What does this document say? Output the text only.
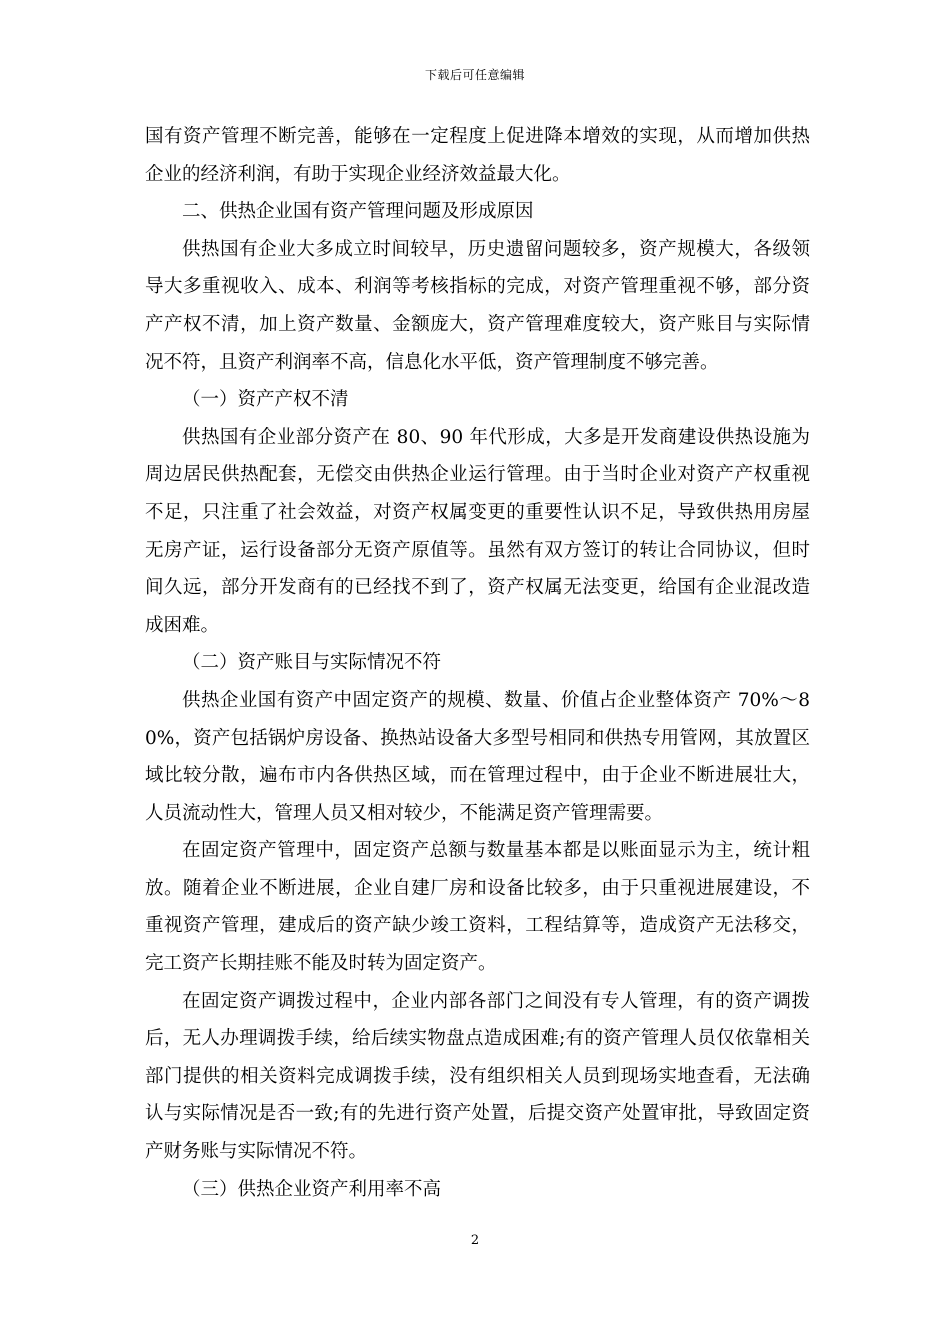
下载后可任意编辑

国有资产管理不断完善，能够在一定程度上促进降本增效的实现，从而增加供热企业的经济利润，有助于实现企业经济效益最大化。

二、供热企业国有资产管理问题及形成原因

供热国有企业大多成立时间较早，历史遗留问题较多，资产规模大，各级领导大多重视收入、成本、利润等考核指标的完成，对资产管理重视不够，部分资产产权不清，加上资产数量、金额庞大，资产管理难度较大，资产账目与实际情况不符，且资产利润率不高，信息化水平低，资产管理制度不够完善。

（一）资产产权不清

供热国有企业部分资产在 80、90 年代形成，大多是开发商建设供热设施为周边居民供热配套，无偿交由供热企业运行管理。由于当时企业对资产产权重视不足，只注重了社会效益，对资产权属变更的重要性认识不足，导致供热用房屋无房产证，运行设备部分无资产原值等。虽然有双方签订的转让合同协议，但时间久远，部分开发商有的已经找不到了，资产权属无法变更，给国有企业混改造成困难。

（二）资产账目与实际情况不符

供热企业国有资产中固定资产的规模、数量、价值占企业整体资产 70%～80%，资产包括锅炉房设备、换热站设备大多型号相同和供热专用管网，其放置区域比较分散，遍布市内各供热区域，而在管理过程中，由于企业不断进展壮大，人员流动性大，管理人员又相对较少，不能满足资产管理需要。

在固定资产管理中，固定资产总额与数量基本都是以账面显示为主，统计粗放。随着企业不断进展，企业自建厂房和设备比较多，由于只重视进展建设，不重视资产管理，建成后的资产缺少竣工资料，工程结算等，造成资产无法移交，完工资产长期挂账不能及时转为固定资产。

在固定资产调拨过程中，企业内部各部门之间没有专人管理，有的资产调拨后，无人办理调拨手续，给后续实物盘点造成困难;有的资产管理人员仅依靠相关部门提供的相关资料完成调拨手续，没有组织相关人员到现场实地查看，无法确认与实际情况是否一致;有的先进行资产处置，后提交资产处置审批，导致固定资产财务账与实际情况不符。

（三）供热企业资产利用率不高

2
